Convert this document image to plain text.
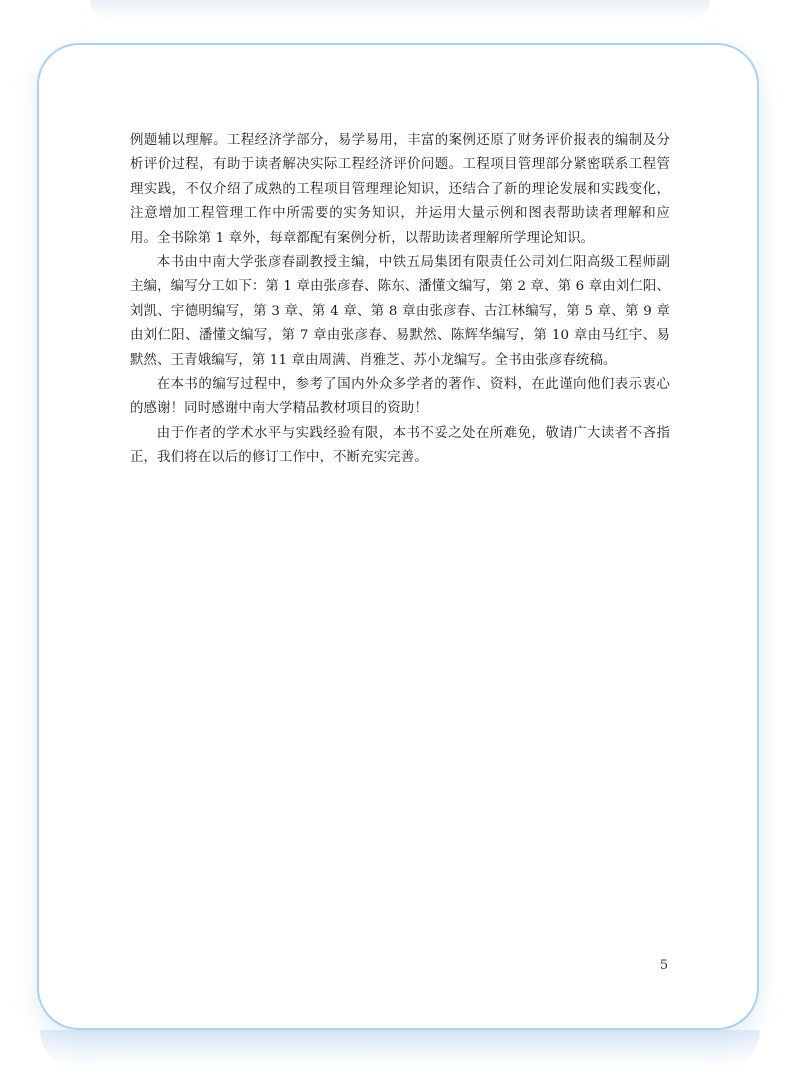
例题辅以理解。工程经济学部分，易学易用，丰富的案例还原了财务评价报表的编制及分析评价过程，有助于读者解决实际工程经济评价问题。工程项目管理部分紧密联系工程管理实践，不仅介绍了成熟的工程项目管理理论知识，还结合了新的理论发展和实践变化，注意增加工程管理工作中所需要的实务知识，并运用大量示例和图表帮助读者理解和应用。全书除第 1 章外，每章都配有案例分析，以帮助读者理解所学理论知识。

本书由中南大学张彦春副教授主编，中铁五局集团有限责任公司刘仁阳高级工程师副主编，编写分工如下：第 1 章由张彦春、陈东、潘懂文编写，第 2 章、第 6 章由刘仁阳、刘凯、宇德明编写，第 3 章、第 4 章、第 8 章由张彦春、古江林编写，第 5 章、第 9 章由刘仁阳、潘懂文编写，第 7 章由张彦春、易默然、陈辉华编写，第 10 章由马红宇、易默然、王青娥编写，第 11 章由周满、肖雅芝、苏小龙编写。全书由张彦春统稿。

在本书的编写过程中，参考了国内外众多学者的著作、资料，在此谨向他们表示衷心的感谢！同时感谢中南大学精品教材项目的资助！

由于作者的学术水平与实践经验有限，本书不妥之处在所难免，敬请广大读者不吝指正，我们将在以后的修订工作中，不断充实完善。

5
